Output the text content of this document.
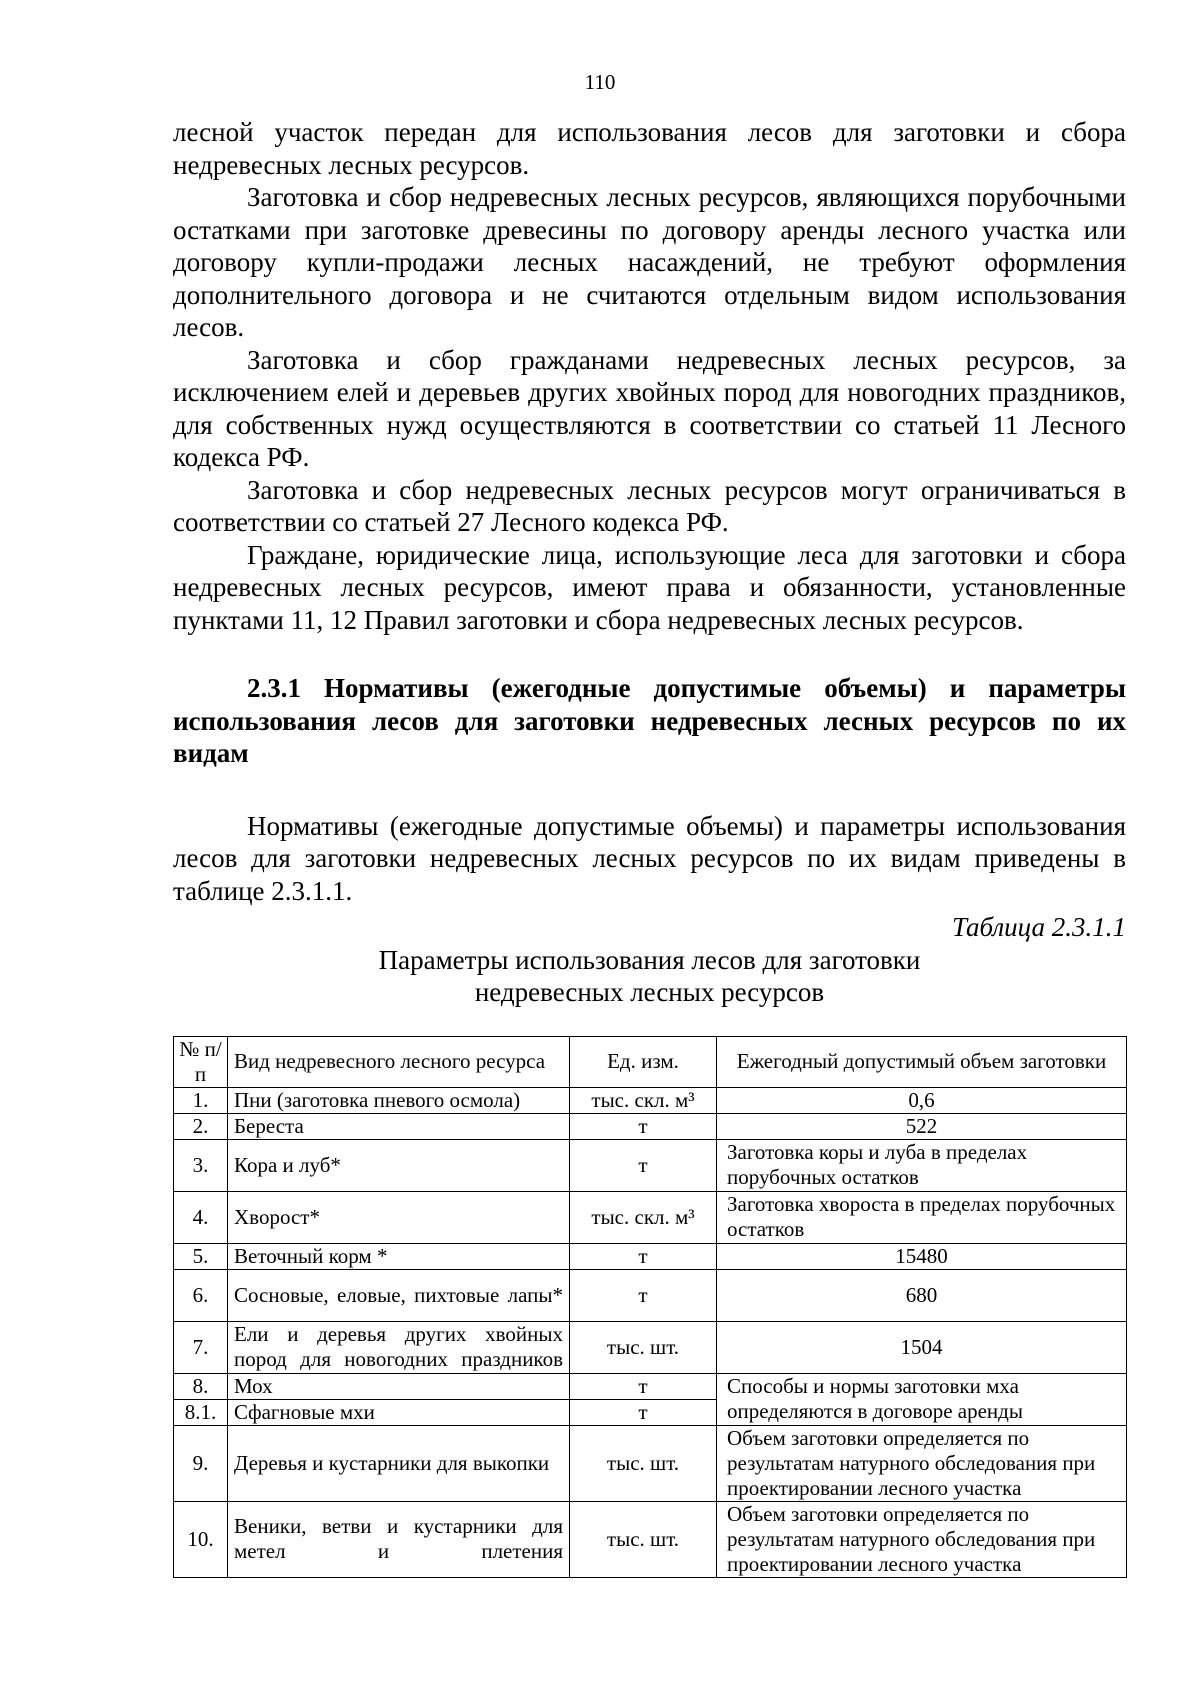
110

лесной участок передан для использования лесов для заготовки и сбора недревесных лесных ресурсов.

Заготовка и сбор недревесных лесных ресурсов, являющихся порубочными остатками при заготовке древесины по договору аренды лесного участка или договору купли-продажи лесных насаждений, не требуют оформления дополнительного договора и не считаются отдельным видом использования лесов.

Заготовка и сбор гражданами недревесных лесных ресурсов, за исключением елей и деревьев других хвойных пород для новогодних праздников, для собственных нужд осуществляются в соответствии со статьей 11 Лесного кодекса РФ.

Заготовка и сбор недревесных лесных ресурсов могут ограничиваться в соответствии со статьей 27 Лесного кодекса РФ.

Граждане, юридические лица, использующие леса для заготовки и сбора недревесных лесных ресурсов, имеют права и обязанности, установленные пунктами 11, 12 Правил заготовки и сбора недревесных лесных ресурсов.

2.3.1 Нормативы (ежегодные допустимые объемы) и параметры использования лесов для заготовки недревесных лесных ресурсов по их видам

Нормативы (ежегодные допустимые объемы) и параметры использования лесов для заготовки недревесных лесных ресурсов по их видам приведены в таблице 2.3.1.1.

Таблица 2.3.1.1

Параметры использования лесов для заготовки

недревесных лесных ресурсов

№ п/п	Вид недревесного лесного ресурса	Ед. изм.	Ежегодный допустимый объем заготовки
1.	Пни (заготовка пневого осмола)	тыс. скл. м³	0,6
2.	Береста	т	522
3.	Кора и луб*	т	Заготовка коры и луба в пределах порубочных остатков
4.	Хворост*	тыс. скл. м³	Заготовка хвороста в пределах порубочных остатков
5.	Веточный корм *	т	15480
6.	Сосновые, еловые, пихтовые лапы*	т	680
7.	Ели и деревья других хвойных пород для новогодних праздников	тыс. шт.	1504
8.	Мох	т	Способы и нормы заготовки мха определяются в договоре аренды
8.1.	Сфагновые мхи	т	
9.	Деревья и кустарники для выкопки	тыс. шт.	Объем заготовки определяется по результатам натурного обследования при проектировании лесного участка
10.	Веники, ветви и кустарники для метел и плетения	тыс. шт.	Объем заготовки определяется по результатам натурного обследования при проектировании лесного участка
